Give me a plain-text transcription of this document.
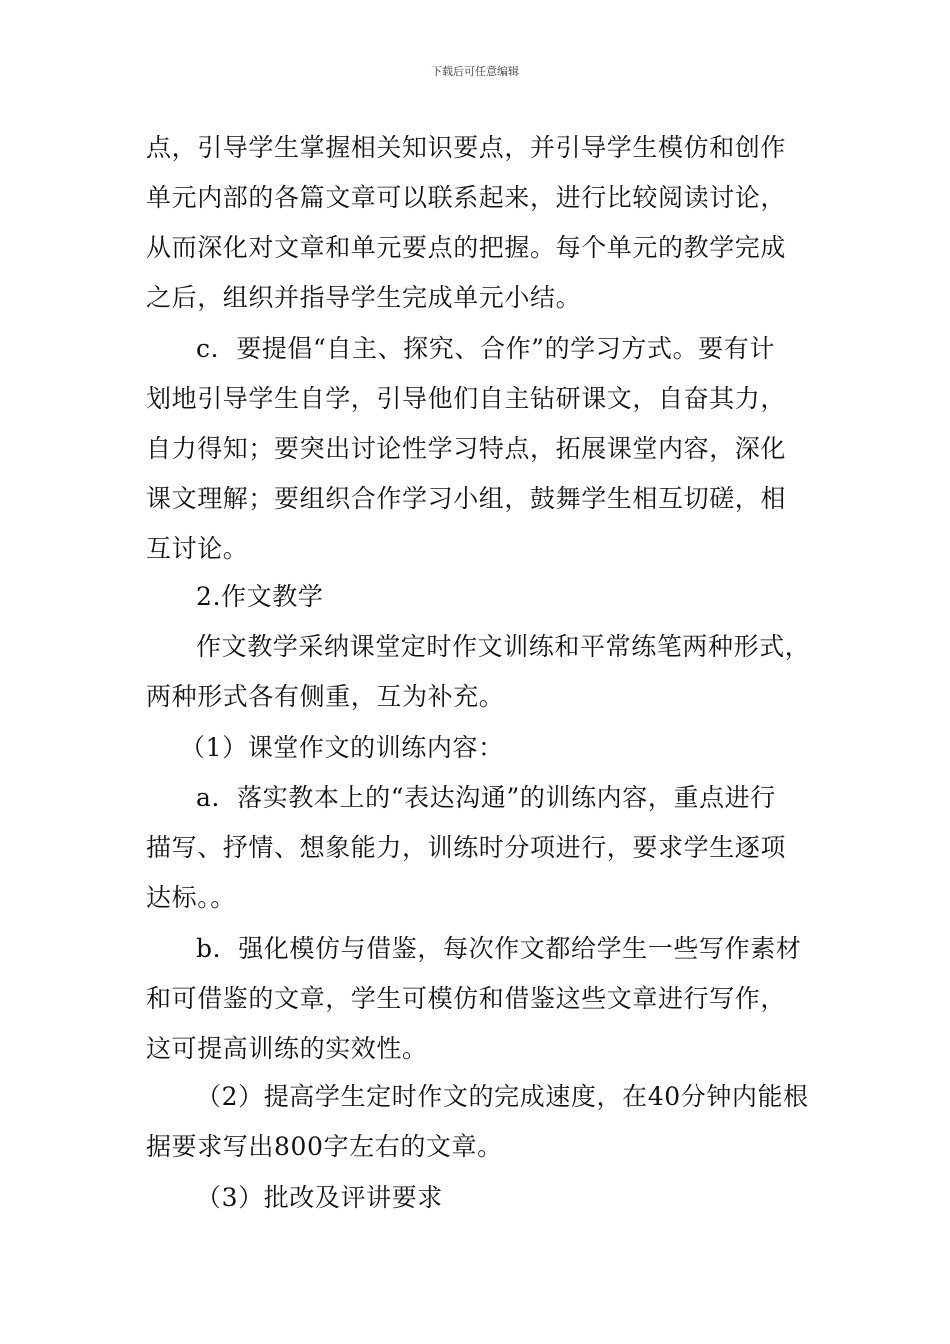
下载后可任意编辑
点，引导学生掌握相关知识要点，并引导学生模仿和创作
单元内部的各篇文章可以联系起来，进行比较阅读讨论，
从而深化对文章和单元要点的把握。每个单元的教学完成
之后，组织并指导学生完成单元小结。
c．要提倡“自主、探究、合作”的学习方式。要有计
划地引导学生自学，引导他们自主钻研课文，自奋其力，
自力得知；要突出讨论性学习特点，拓展课堂内容，深化
课文理解；要组织合作学习小组，鼓舞学生相互切磋，相
互讨论。
2.作文教学
作文教学采纳课堂定时作文训练和平常练笔两种形式，
两种形式各有侧重，互为补充。
（1）课堂作文的训练内容：
a．落实教本上的“表达沟通”的训练内容，重点进行
描写、抒情、想象能力，训练时分项进行，要求学生逐项
达标。。
b．强化模仿与借鉴，每次作文都给学生一些写作素材
和可借鉴的文章，学生可模仿和借鉴这些文章进行写作，
这可提高训练的实效性。
（2）提高学生定时作文的完成速度，在40分钟内能根
据要求写出800字左右的文章。
（3）批改及评讲要求
